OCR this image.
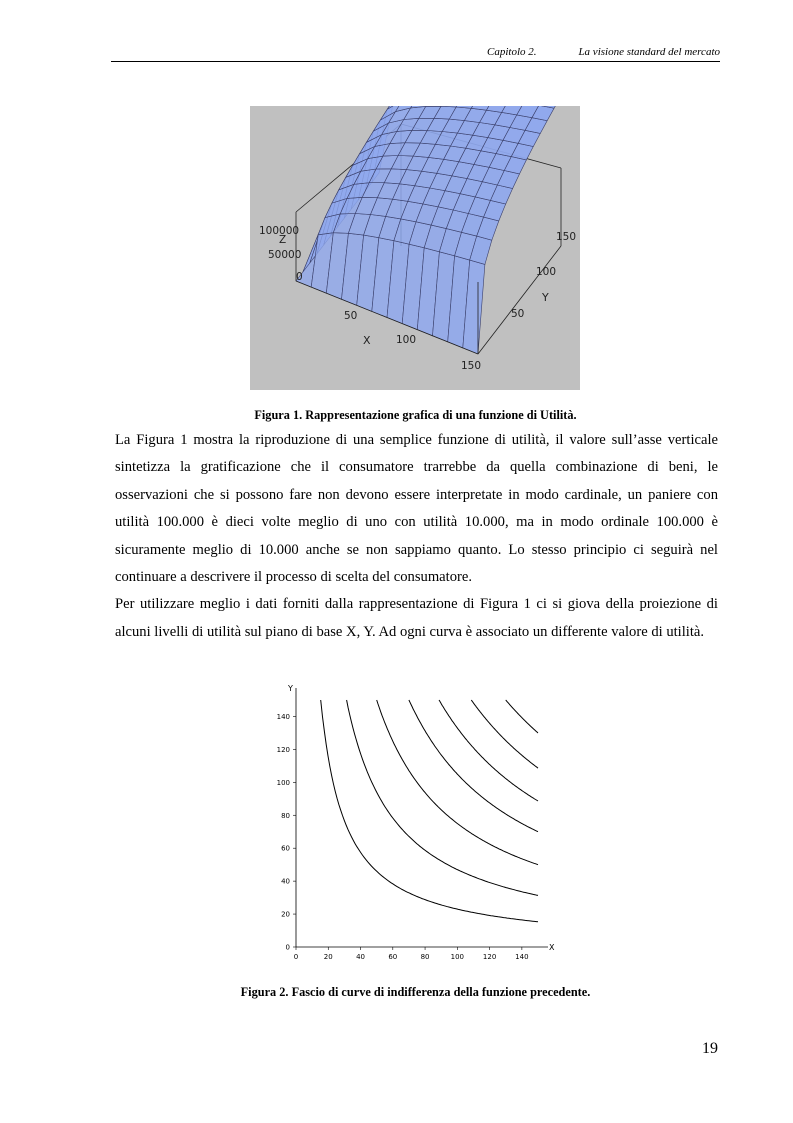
Capitolo 2.	La visione standard del mercato
100000
Z
50000
0
50
X 100
150
50
Y
100
150
Figura 1. Rappresentazione grafica di una funzione di Utilità.

La Figura 1 mostra la riproduzione di una semplice funzione di utilità, il valore sull’asse verticale sintetizza la gratificazione che il consumatore trarrebbe da quella combinazione di beni, le osservazioni che si possono fare non devono essere interpretate in modo cardinale, un paniere con utilità 100.000 è dieci volte meglio di uno con utilità 10.000, ma in modo ordinale 100.000 è sicuramente meglio di 10.000 anche se non sappiamo quanto. Lo stesso principio ci seguirà nel continuare a descrivere il processo di scelta del consumatore.

Per utilizzare meglio i dati forniti dalla rappresentazione di Figura 1 ci si giova della proiezione di alcuni livelli di utilità sul piano di base X, Y. Ad ogni curva è associato un differente valore di utilità.

Y
X
0	20	40	60	80	100	120	140
0
20
40
60
80
100
120
140
Figura 2. Fascio di curve di indifferenza della funzione precedente.
19
